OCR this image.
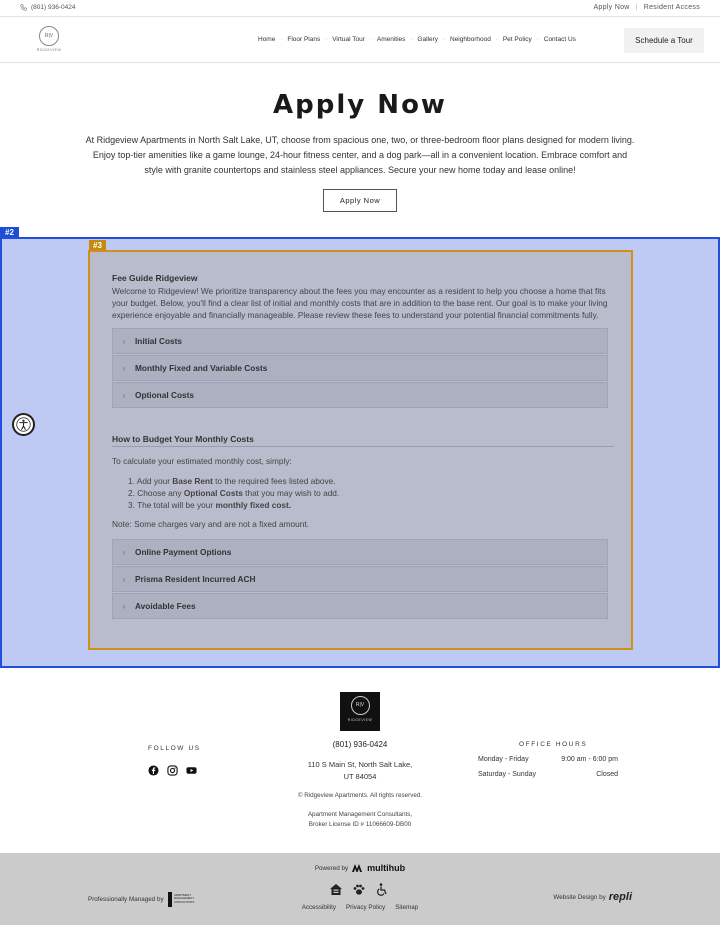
(801) 936-0424	Apply Now | Resident Access
R|V
RIDGEVIEW
Home · Floor Plans · Virtual Tour · Amenities · Gallery · Neighborhood · Pet Policy · Contact Us	Schedule a Tour
Apply Now

At Ridgeview Apartments in North Salt Lake, UT, choose from spacious one, two, or three-bedroom floor plans designed for modern living. Enjoy top-tier amenities like a game lounge, 24-hour fitness center, and a dog park—all in a convenient location. Embrace comfort and style with granite countertops and stainless steel appliances. Secure your new home today and lease online!

Apply Now
#2
#3
Fee Guide Ridgeview
Welcome to Ridgeview! We prioritize transparency about the fees you may encounter as a resident to help you choose a home that fits your budget. Below, you'll find a clear list of initial and monthly costs that are in addition to the base rent. Our goal is to make your living experience enjoyable and financially manageable. Please review these fees to understand your potential financial commitments fully.
›	Initial Costs
›	Monthly Fixed and Variable Costs
›	Optional Costs
How to Budget Your Monthly Costs
To calculate your estimated monthly cost, simply:
1. Add your Base Rent to the required fees listed above.
2. Choose any Optional Costs that you may wish to add.
3. The total will be your monthly fixed cost.
Note: Some charges vary and are not a fixed amount.
›	Online Payment Options
›	Prisma Resident Incurred ACH
›	Avoidable Fees
R|V
RIDGEVIEW
FOLLOW US	(801) 936-0424
110 S Main St, North Salt Lake,
UT 84054
OFFICE HOURS
Monday - Friday	9:00 am - 6:00 pm
Saturday - Sunday	Closed
© Ridgeview Apartments. All rights reserved.
Apartment Management Consultants,
Broker License ID # 11066609-DB00
Powered by multihub
Professionally Managed by
APARTMENT MANAGEMENT CONSULTANTS
Accessibility Privacy Policy Sitemap
Website Design by repli
